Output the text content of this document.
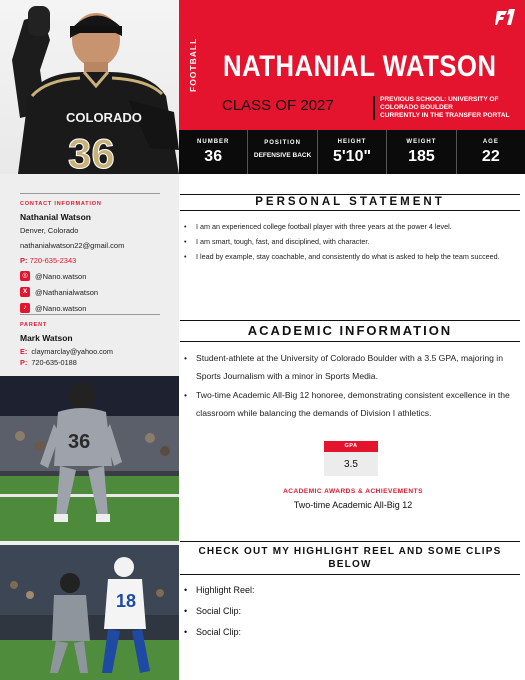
COLORADO
36
FOOTBALL NATHANIAL WATSON
CLASS OF 2027	PREVIOUS SCHOOL: UNIVERSITY OF
COLORADO BOULDER
CURRENTLY IN THE TRANSFER PORTAL
NUMBER
36
POSITION
DEFENSIVE BACK
HEIGHT
5'10"
WEIGHT
185
AGE
22
CONTACT INFORMATION
Nathanial Watson
Denver, Colorado
nathanialwatson22@gmail.com
P: 720-635-2343
◎ @Nano.watson
X	@Nathanialwatson
♪	@Nano.watson
PARENT
Mark Watson
E: claymarclay@yahoo.com
P: 720-635-0188
36
18
PERSONAL STATEMENT
• I am an experienced college football player with three years at the power 4 level.
• I am smart, tough, fast, and disciplined, with character.
• I lead by example, stay coachable, and consistently do what is asked to help the team succeed.
ACADEMIC INFORMATION
• Student-athlete at the University of Colorado Boulder with a 3.5 GPA, majoring in Sports Journalism with a minor in Sports Media.
• Two-time Academic All-Big 12 honoree, demonstrating consistent excellence in the classroom while balancing the demands of Division I athletics.
GPA
3.5
ACADEMIC AWARDS & ACHIEVEMENTS
Two-time Academic All-Big 12
CHECK OUT MY HIGHLIGHT REEL AND SOME CLIPS
BELOW
• Highlight Reel:
• Social Clip:
• Social Clip:
